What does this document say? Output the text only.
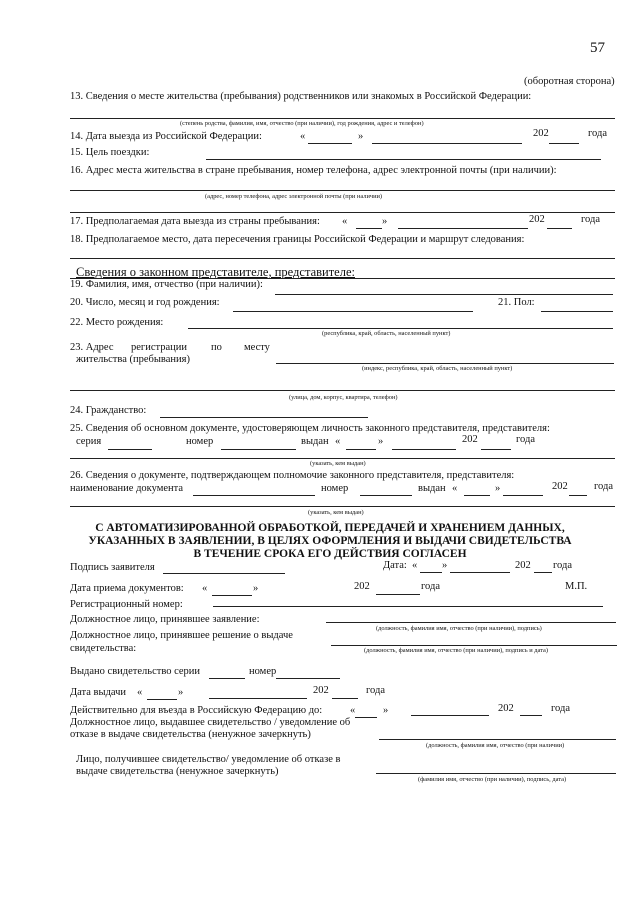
57
(оборотная сторона)
13. Сведения о месте жительства (пребывания) родственников или знакомых в Российской Федерации:
(степень родства, фамилия, имя, отчество (при наличии), год рождения, адрес и телефон)
14. Дата выезда из Российской Федерации:	«	»	202	года
15. Цель поездки:
16. Адрес места жительства в стране пребывания, номер телефона, адрес электронной почты (при наличии):
(адрес, номер телефона, адрес электронной почты (при наличии)
17. Предполагаемая дата выезда из страны пребывания: «	»	202	года
18. Предполагаемое место, дата пересечения границы Российской Федерации и маршрут следования:
Сведения о законном представителе, представителе:
19. Фамилия, имя, отчество (при наличии):
20. Число, месяц и год рождения:	21. Пол:
22. Место рождения:
(республика, край, область, населенный пункт)
23. Адрес регистрации по месту
жительства (пребывания)
(индекс, республика, край, область, населенный пункт)
(улица, дом, корпус, квартира, телефон)
24. Гражданство:
25. Сведения об основном документе, удостоверяющем личность законного представителя, представителя:
серия	номер	выдан «	»	202	года
(указать, кем выдан)
26. Сведения о документе, подтверждающем полномочие законного представителя, представителя:
наименование документа	номер	выдан «	»	202	года
(указать, кем выдан)
С АВТОМАТИЗИРОВАННОЙ ОБРАБОТКОЙ, ПЕРЕДАЧЕЙ И ХРАНЕНИЕМ ДАННЫХ,
УКАЗАННЫХ В ЗАЯВЛЕНИИ, В ЦЕЛЯХ ОФОРМЛЕНИЯ И ВЫДАЧИ СВИДЕТЕЛЬСТВА
В ТЕЧЕНИЕ СРОКА ЕГО ДЕЙСТВИЯ СОГЛАСЕН
Подпись заявителя	Дата: « »	202 года
Дата приема документов: «	»	202	года	М.П.
Регистрационный номер:
Должностное лицо, принявшее заявление:
(должность, фамилия имя, отчество (при наличии), подпись)
Должностное лицо, принявшее решение о выдаче
свидетельства:	(должность, фамилия имя, отчество (при наличии), подпись и дата)
Выдано свидетельство серии	номер
Дата выдачи «	»	202	года
Действительно для въезда в Российскую Федерацию до:	«	»	202	года
Должностное лицо, выдавшее свидетельство / уведомление об
отказе в выдаче свидетельства (ненужное зачеркнуть)
(должность, фамилия имя, отчество (при наличии)
Лицо, получившее свидетельство/ уведомление об отказе в
выдаче свидетельства (ненужное зачеркнуть)
(фамилия имя, отчество (при наличии), подпись, дата)
